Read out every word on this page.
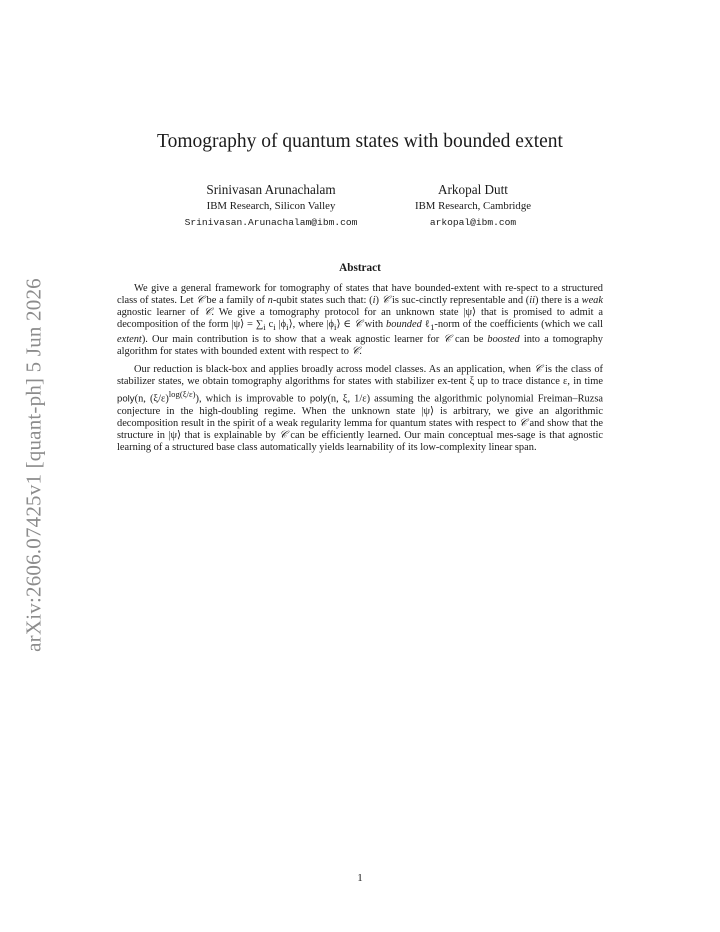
arXiv:2606.07425v1 [quant-ph] 5 Jun 2026
Tomography of quantum states with bounded extent
Srinivasan Arunachalam
IBM Research, Silicon Valley
Srinivasan.Arunachalam@ibm.com
Arkopal Dutt
IBM Research, Cambridge
arkopal@ibm.com
Abstract

We give a general framework for tomography of states that have bounded-extent with re-spect to a structured class of states. Let 𝒞 be a family of n-qubit states such that: (i) 𝒞 is suc-cinctly representable and (ii) there is a weak agnostic learner of 𝒞. We give a tomography protocol for an unknown state |ψ⟩ that is promised to admit a decomposition of the form |ψ⟩ = $\sum_i$ $c_i$ $|\phi_i⟩$, where $|\phi_i⟩$ ∈ 𝒞 with bounded ℓ$_1$-norm of the coefficients (which we call extent). Our main contribution is to show that a weak agnostic learner for 𝒞 can be boosted into a tomography algorithm for states with bounded extent with respect to 𝒞.

Our reduction is black-box and applies broadly across model classes. As an application, when 𝒞 is the class of stabilizer states, we obtain tomography algorithms for states with stabilizer ex-tent ξ up to trace distance ε, in time poly(n, $(\xi/\varepsilon)^{log(\xi/\varepsilon)}$), which is improvable to poly(n, ξ, 1/ε) assuming the algorithmic polynomial Freiman–Ruzsa conjecture in the high-doubling regime. When the unknown state |ψ⟩ is arbitrary, we give an algorithmic decomposition result in the spirit of a weak regularity lemma for quantum states with respect to 𝒞 and show that the structure in |ψ⟩ that is explainable by 𝒞 can be efficiently learned. Our main conceptual mes-sage is that agnostic learning of a structured base class automatically yields learnability of its low-complexity linear span.

1
